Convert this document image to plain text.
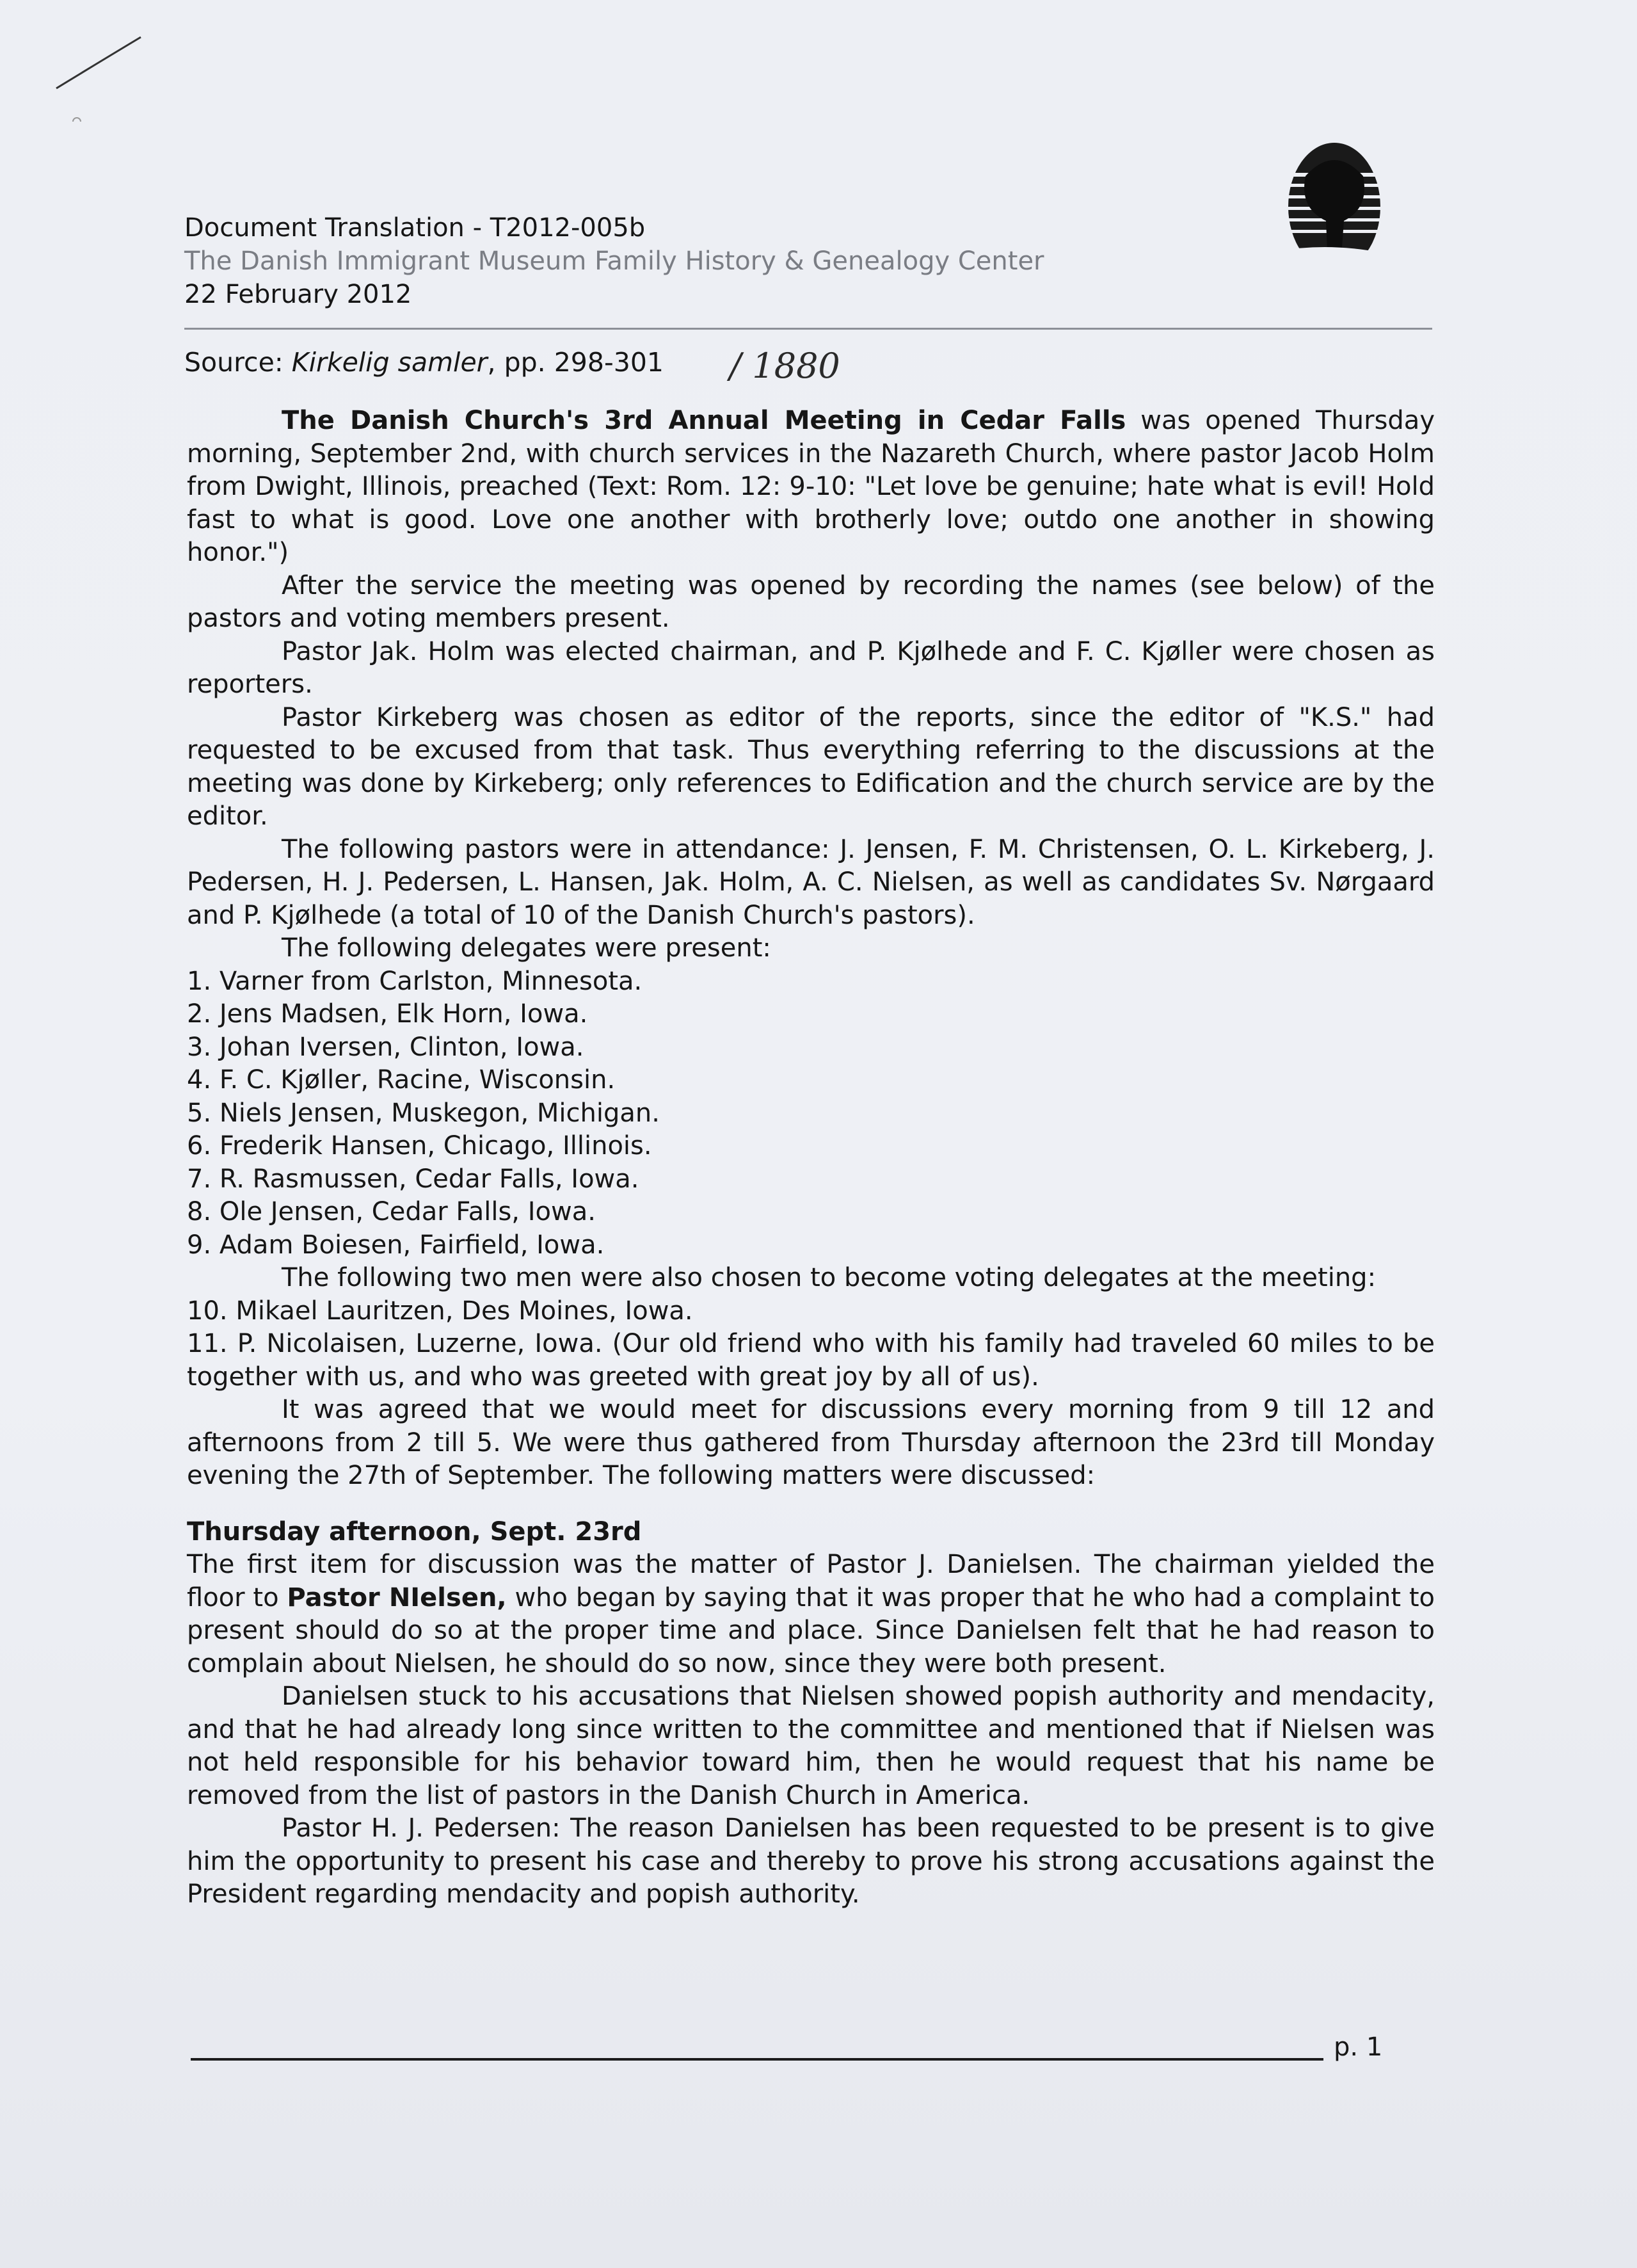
Document Translation - T2012-005b
The Danish Immigrant Museum Family History & Genealogy Center
22 February 2012
Source: Kirkelig samler, pp. 298-301 / 1880

The Danish Church's 3rd Annual Meeting in Cedar Falls was opened Thursday morning, September 2nd, with church services in the Nazareth Church, where pastor Jacob Holm from Dwight, Illinois, preached (Text: Rom. 12: 9-10: "Let love be genuine; hate what is evil! Hold fast to what is good. Love one another with brotherly love; outdo one another in showing honor.")

After the service the meeting was opened by recording the names (see below) of the pastors and voting members present.

Pastor Jak. Holm was elected chairman, and P. Kjølhede and F. C. Kjøller were chosen as reporters.

Pastor Kirkeberg was chosen as editor of the reports, since the editor of "K.S." had requested to be excused from that task. Thus everything referring to the discussions at the meeting was done by Kirkeberg; only references to Edification and the church service are by the editor.

The following pastors were in attendance: J. Jensen, F. M. Christensen, O. L. Kirkeberg, J. Pedersen, H. J. Pedersen, L. Hansen, Jak. Holm, A. C. Nielsen, as well as candidates Sv. Nørgaard and P. Kjølhede (a total of 10 of the Danish Church's pastors).

The following delegates were present:

1. Varner from Carlston, Minnesota.

2. Jens Madsen, Elk Horn, Iowa.

3. Johan Iversen, Clinton, Iowa.

4. F. C. Kjøller, Racine, Wisconsin.

5. Niels Jensen, Muskegon, Michigan.

6. Frederik Hansen, Chicago, Illinois.

7. R. Rasmussen, Cedar Falls, Iowa.

8. Ole Jensen, Cedar Falls, Iowa.

9. Adam Boiesen, Fairfield, Iowa.

The following two men were also chosen to become voting delegates at the meeting:

10. Mikael Lauritzen, Des Moines, Iowa.

11. P. Nicolaisen, Luzerne, Iowa. (Our old friend who with his family had traveled 60 miles to be together with us, and who was greeted with great joy by all of us).

It was agreed that we would meet for discussions every morning from 9 till 12 and afternoons from 2 till 5. We were thus gathered from Thursday afternoon the 23rd till Monday evening the 27th of September. The following matters were discussed:

Thursday afternoon, Sept. 23rd

The first item for discussion was the matter of Pastor J. Danielsen. The chairman yielded the floor to Pastor NIelsen, who began by saying that it was proper that he who had a complaint to present should do so at the proper time and place. Since Danielsen felt that he had reason to complain about Nielsen, he should do so now, since they were both present.

Danielsen stuck to his accusations that Nielsen showed popish authority and mendacity, and that he had already long since written to the committee and mentioned that if Nielsen was not held responsible for his behavior toward him, then he would request that his name be removed from the list of pastors in the Danish Church in America.

Pastor H. J. Pedersen: The reason Danielsen has been requested to be present is to give him the opportunity to present his case and thereby to prove his strong accusations against the President regarding mendacity and popish authority.

p. 1
